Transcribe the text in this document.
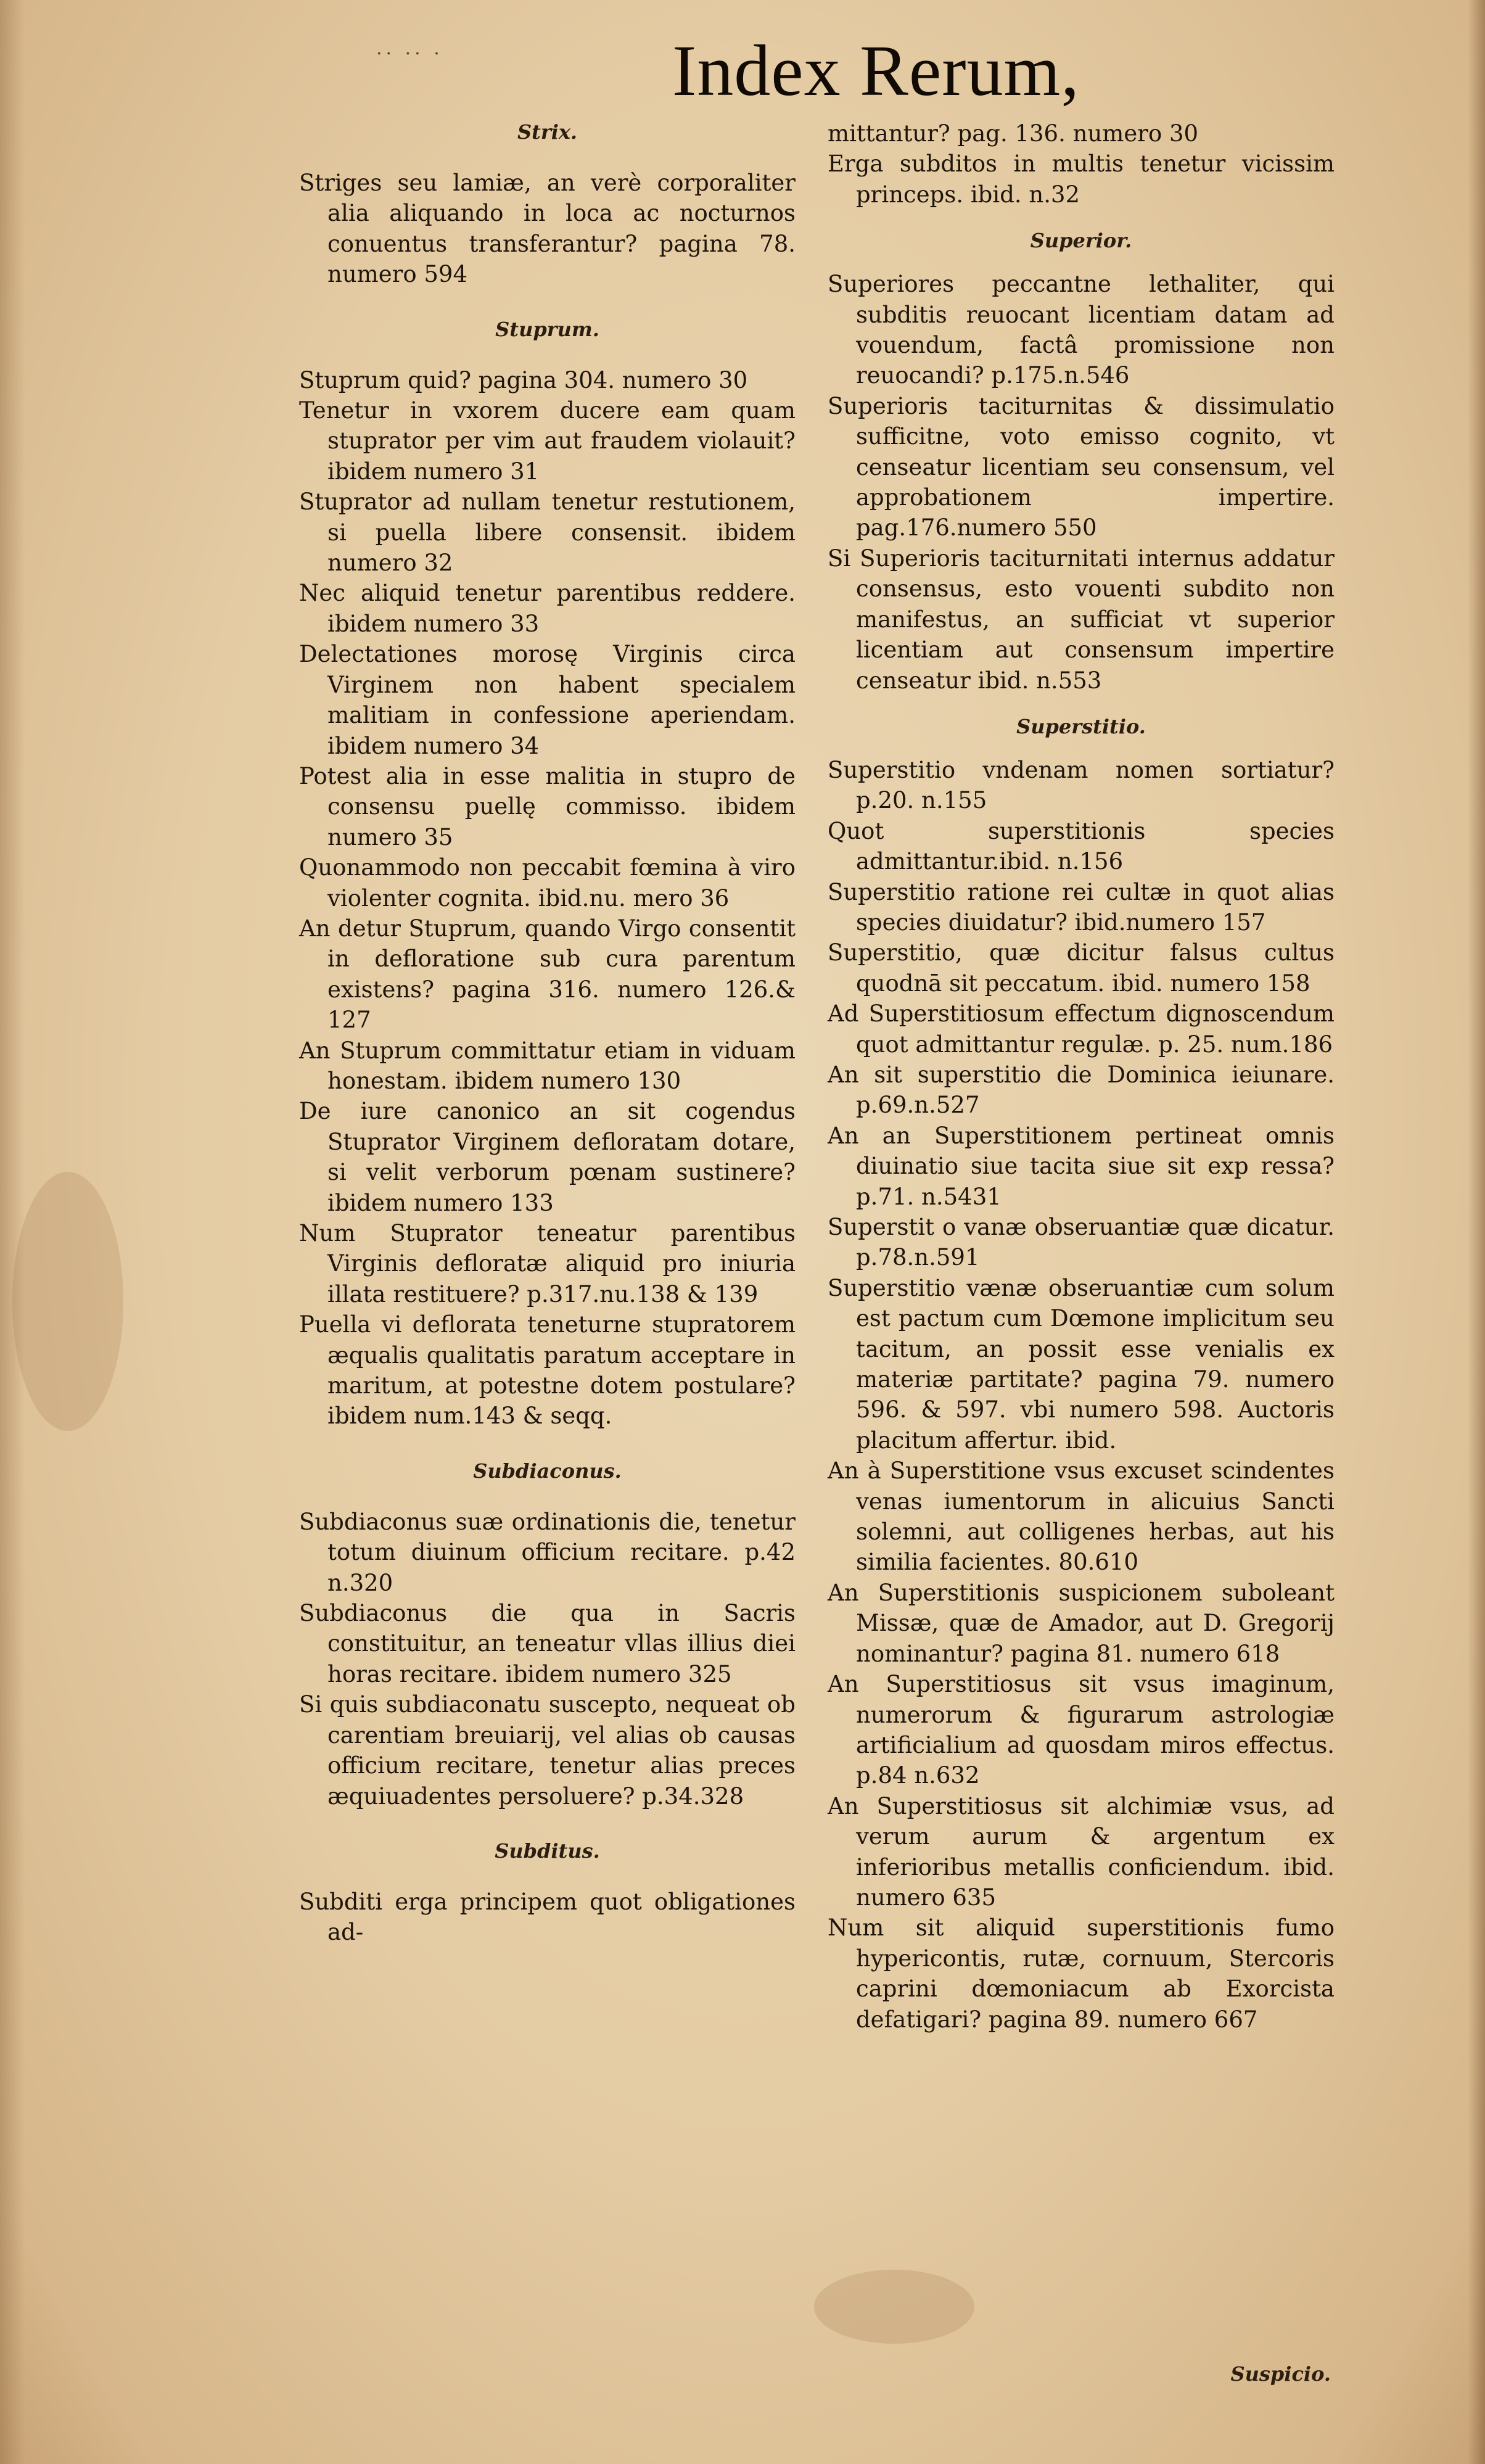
·· ·· ·	Index Rerum,
Strix.

Striges seu lamiæ, an verè corporaliter alia aliquando in loca ac nocturnos conuentus transferantur? pagina 78. numero 594

Stuprum.

Stuprum quid? pagina 304. numero 30

Tenetur in vxorem ducere eam quam stuprator per vim aut fraudem violauit? ibidem numero 31

Stuprator ad nullam tenetur restutionem, si puella libere consensit. ibidem numero 32

Nec aliquid tenetur parentibus reddere. ibidem numero 33

Delectationes morosę Virginis circa Virginem non habent specialem malitiam in confessione aperiendam. ibidem numero 34

Potest alia in esse malitia in stupro de consensu puellę commisso. ibidem numero 35

Quonammodo non peccabit fœmina à viro violenter cognita. ibid.nu. mero 36

An detur Stuprum, quando Virgo consentit in defloratione sub cura parentum existens? pagina 316. numero 126.& 127

An Stuprum committatur etiam in viduam honestam. ibidem numero 130

De iure canonico an sit cogendus Stuprator Virginem defloratam dotare, si velit verborum pœnam sustinere? ibidem numero 133

Num Stuprator teneatur parentibus Virginis defloratæ aliquid pro iniuria illata restituere? p.317.nu.138 & 139

Puella vi deflorata teneturne stupratorem æqualis qualitatis paratum acceptare in maritum, at potestne dotem postulare? ibidem num.143 & seqq.

Subdiaconus.

Subdiaconus suæ ordinationis die, tenetur totum diuinum officium recitare. p.42 n.320

Subdiaconus die qua in Sacris constituitur, an teneatur vllas illius diei horas recitare. ibidem numero 325

Si quis subdiaconatu suscepto, nequeat ob carentiam breuiarij, vel alias ob causas officium recitare, tenetur alias preces æquiuadentes persoluere? p.34.328

Subditus.

Subditi erga principem quot obligationes ad-

mittantur? pag. 136. numero 30

Erga subditos in multis tenetur vicissim princeps. ibid. n.32

Superior.

Superiores peccantne lethaliter, qui subditis reuocant licentiam datam ad vouendum, factâ promissione non reuocandi? p.175.n.546

Superioris taciturnitas & dissimulatio sufficitne, voto emisso cognito, vt censeatur licentiam seu consensum, vel approbationem impertire. pag.176.numero 550

Si Superioris taciturnitati internus addatur consensus, esto vouenti subdito non manifestus, an sufficiat vt superior licentiam aut consensum impertire censeatur ibid. n.553

Superstitio.

Superstitio vndenam nomen sortiatur? p.20. n.155

Quot superstitionis species admittantur.ibid. n.156

Superstitio ratione rei cultæ in quot alias species diuidatur? ibid.numero 157

Superstitio, quæ dicitur falsus cultus quodnā sit peccatum. ibid. numero 158

Ad Superstitiosum effectum dignoscendum quot admittantur regulæ. p. 25. num.186

An sit superstitio die Dominica ieiunare. p.69.n.527

An an Superstitionem pertineat omnis diuinatio siue tacita siue sit exp ressa? p.71. n.5431

Superstit o vanæ obseruantiæ quæ dicatur. p.78.n.591

Superstitio vænæ obseruantiæ cum solum est pactum cum Dœmone implicitum seu tacitum, an possit esse venialis ex materiæ partitate? pagina 79. numero 596. & 597. vbi numero 598. Auctoris placitum affertur. ibid.

An à Superstitione vsus excuset scindentes venas iumentorum in alicuius Sancti solemni, aut colligenes herbas, aut his similia facientes. 80.610

An Superstitionis suspicionem suboleant Missæ, quæ de Amador, aut D. Gregorij nominantur? pagina 81. numero 618

An Superstitiosus sit vsus imaginum, numerorum & figurarum astrologiæ artificialium ad quosdam miros effectus. p.84 n.632

An Superstitiosus sit alchimiæ vsus, ad verum aurum & argentum ex inferioribus metallis conficiendum. ibid. numero 635

Num sit aliquid superstitionis fumo hypericontis, rutæ, cornuum, Stercoris caprini dœmoniacum ab Exorcista defatigari? pagina 89. numero 667

Suspicio.
